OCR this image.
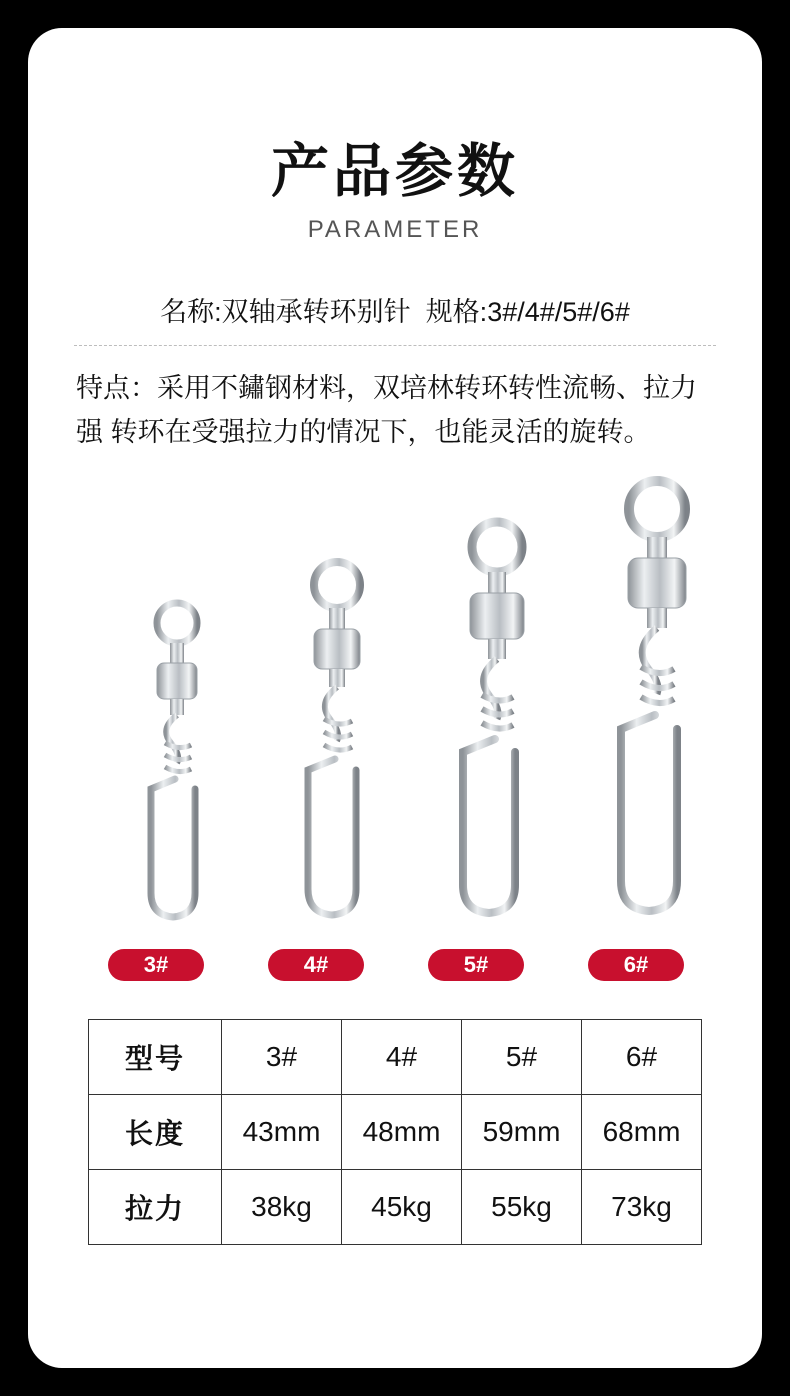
产品参数
PARAMETER
名称:双轴承转环别针 规格:3#/4#/5#/6#
特点：采用不鏽钢材料，双培林转环转性流畅、拉力强 转环在受强拉力的情况下，也能灵活的旋转。
3#	4#	5#	6#
型号	3#	4#	5#	6#
长度	43mm	48mm	59mm	68mm
拉力	38kg	45kg	55kg	73kg
